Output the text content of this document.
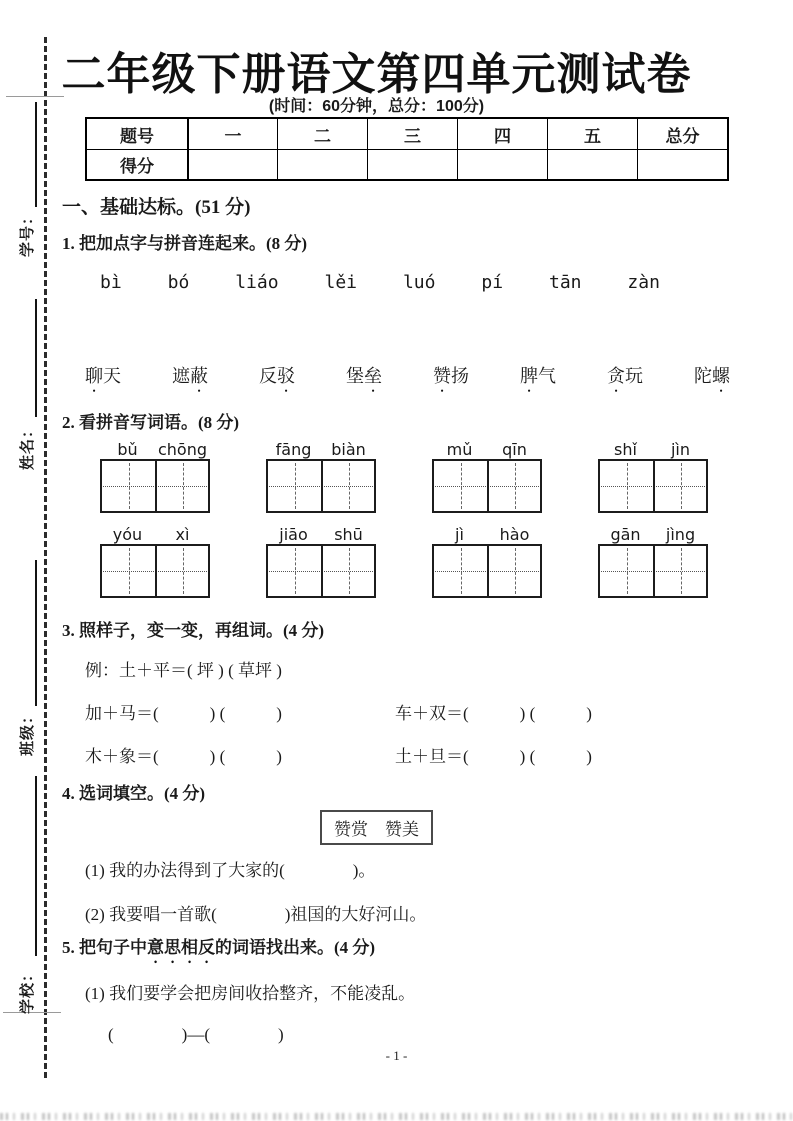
学号：
姓名：
班级：
学校：
二年级下册语文第四单元测试卷
(时间：60分钟，总分：100分)
题号	一	二	三	四	五	总分
得分
一、基础达标。(51 分)
1. 把加点字与拼音连起来。(8 分)
bì	bó	liáo	lěi	luó	pí	tān	zàn
聊天	遮蔽	反驳	堡垒	赞扬	脾气	贪玩	陀螺
2. 看拼音写词语。(8 分)
bǔ	chōng	fāng	biàn	mǔ	qīn	shǐ	jìn
yóu	xì	jiāo	shū	jì	hào	gān	jìng
3. 照样子，变一变，再组词。(4 分)
例：土＋平＝( 坪 ) ( 草坪 )
加＋马＝(　　　) (　　　)	车＋双＝(　　　) (　　　)
木＋象＝(　　　) (　　　)	土＋旦＝(　　　) (　　　)
4. 选词填空。(4 分)
赞赏　赞美
(1) 我的办法得到了大家的(　　　　)。
(2) 我要唱一首歌(　　　　)祖国的大好河山。
5. 把句子中意思相反的词语找出来。(4 分)
(1) 我们要学会把房间收拾整齐，不能凌乱。
(　　　　)—(　　　　)
- 1 -
